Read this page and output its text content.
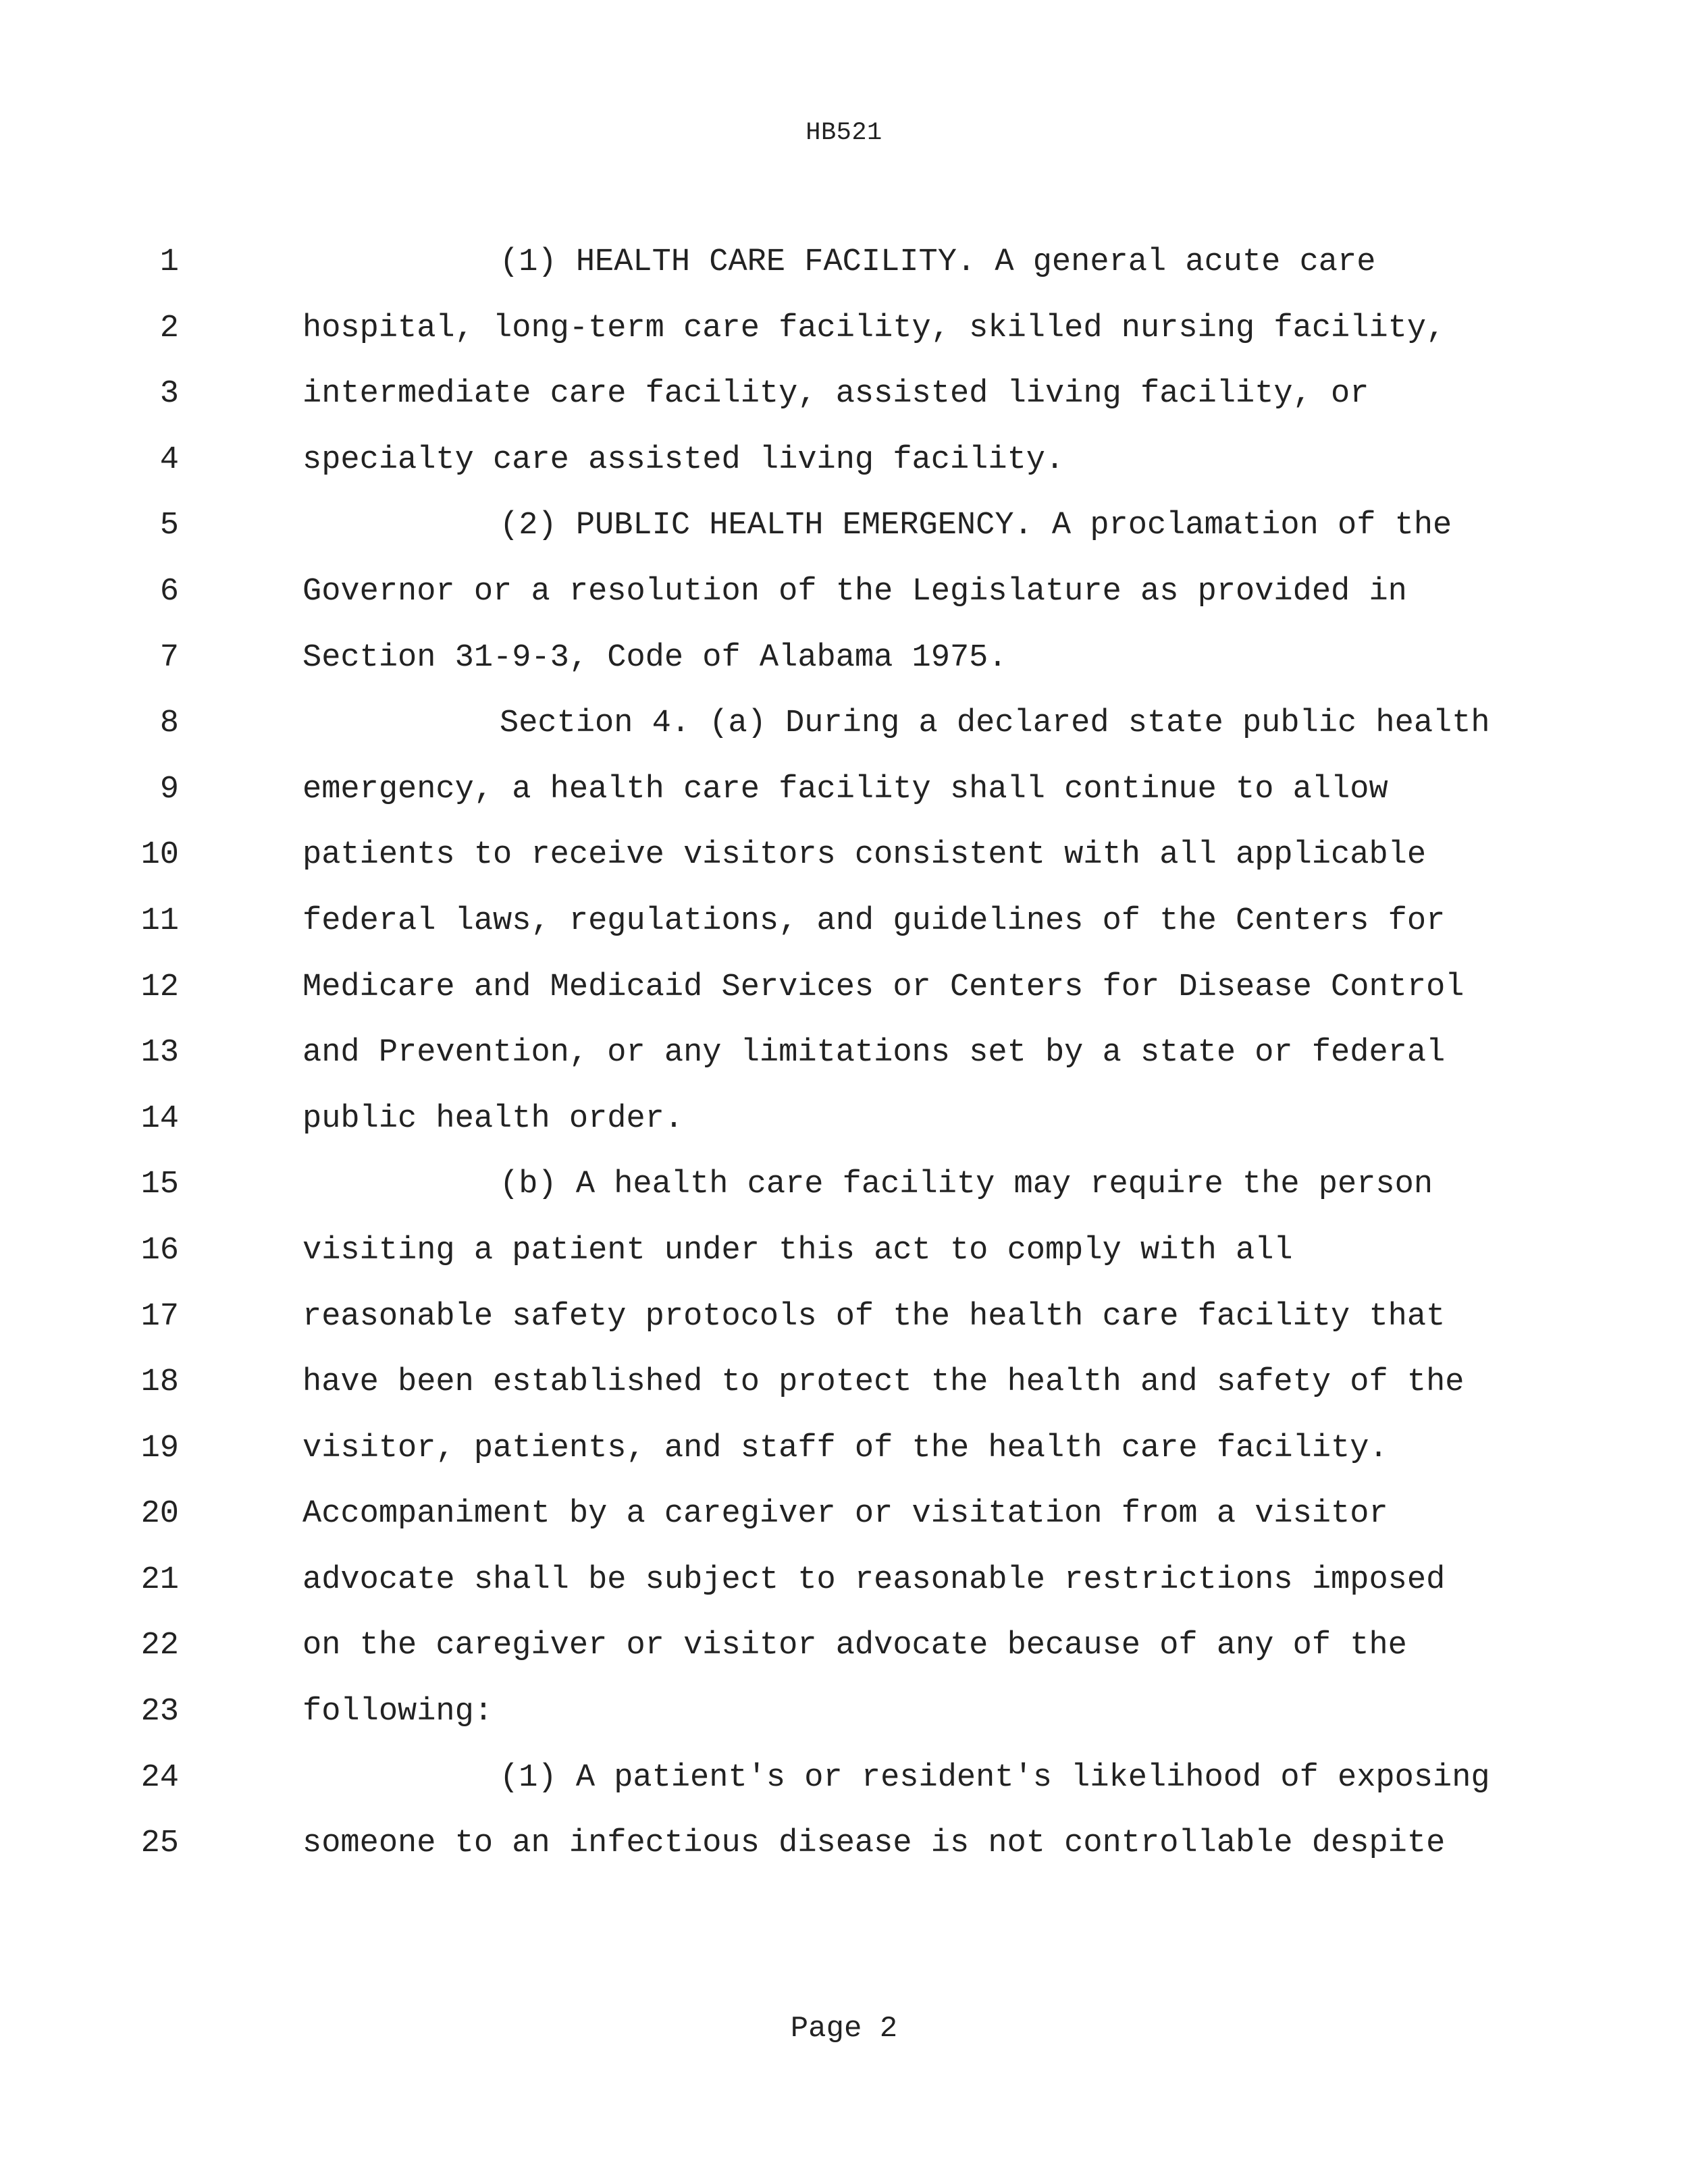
HB521
1	(1) HEALTH CARE FACILITY. A general acute care
2	hospital, long-term care facility, skilled nursing facility,
3	intermediate care facility, assisted living facility, or
4	specialty care assisted living facility.
5	(2) PUBLIC HEALTH EMERGENCY. A proclamation of the
6	Governor or a resolution of the Legislature as provided in
7	Section 31-9-3, Code of Alabama 1975.
8	Section 4. (a) During a declared state public health
9	emergency, a health care facility shall continue to allow
10	patients to receive visitors consistent with all applicable
11	federal laws, regulations, and guidelines of the Centers for
12	Medicare and Medicaid Services or Centers for Disease Control
13	and Prevention, or any limitations set by a state or federal
14	public health order.
15	(b) A health care facility may require the person
16	visiting a patient under this act to comply with all
17	reasonable safety protocols of the health care facility that
18	have been established to protect the health and safety of the
19	visitor, patients, and staff of the health care facility.
20	Accompaniment by a caregiver or visitation from a visitor
21	advocate shall be subject to reasonable restrictions imposed
22	on the caregiver or visitor advocate because of any of the
23	following:
24	(1) A patient's or resident's likelihood of exposing
25	someone to an infectious disease is not controllable despite
Page 2
